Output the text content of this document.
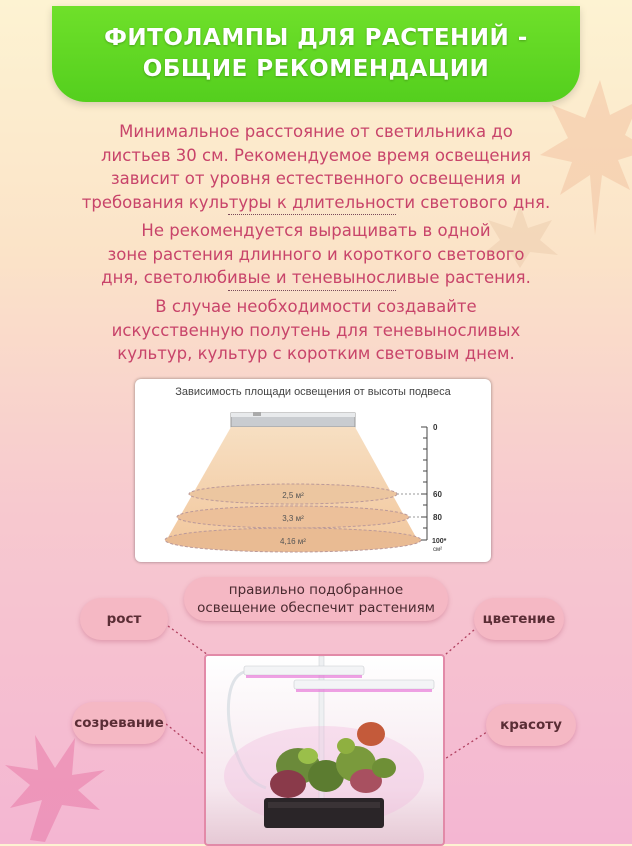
ФИТОЛАМПЫ ДЛЯ РАСТЕНИЙ -
ОБЩИЕ РЕКОМЕНДАЦИИ
Минимальное расстояние от светильника до
листьев 30 см. Рекомендуемое время освещения
зависит от уровня естественного освещения и
требования культуры к длительности светового дня.
Не рекомендуется выращивать в одной
зоне растения длинного и короткого светового
дня, светолюбивые и теневыносливые растения.
В случае необходимости создавайте
искусственную полутень для теневыносливых
культур, культур с коротким световым днем.
Зависимость площади освещения от высоты подвеса
2,5 м²
3,3 м²
4,16 м²
0
60
80
100*
см²
правильно подобранное
освещение обеспечит растениям
рост	цветение
созревание	красоту
